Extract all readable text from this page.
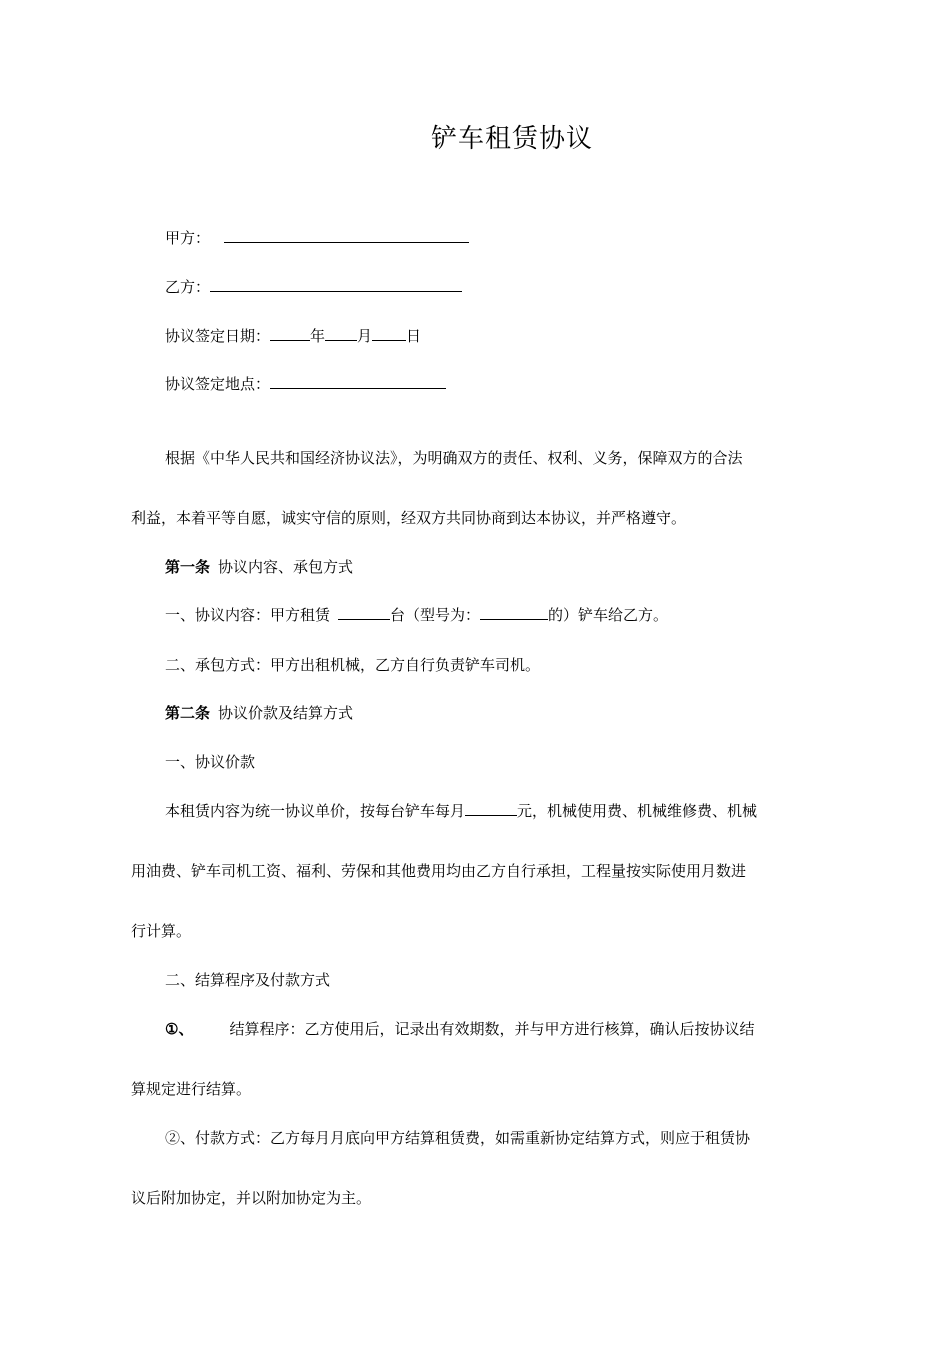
铲车租赁协议
甲方：
乙方：
协议签定日期：	年 月 日
协议签定地点：
根据《中华人民共和国经济协议法》，为明确双方的责任、权利、义务，保障双方的合法
利益，本着平等自愿，诚实守信的原则，经双方共同协商到达本协议，并严格遵守。
第一条 协议内容、承包方式
一、协议内容：甲方租赁	台（型号为：	的）铲车给乙方。
二、承包方式：甲方出租机械，乙方自行负责铲车司机。
第二条 协议价款及结算方式
一、协议价款
本租赁内容为统一协议单价，按每台铲车每月	元，机械使用费、机械维修费、机械
用油费、铲车司机工资、福利、劳保和其他费用均由乙方自行承担，工程量按实际使用月数进
行计算。
二、结算程序及付款方式
①、 结算程序：乙方使用后，记录出有效期数，并与甲方进行核算，确认后按协议结
算规定进行结算。
②、付款方式：乙方每月月底向甲方结算租赁费，如需重新协定结算方式，则应于租赁协
议后附加协定，并以附加协定为主。
